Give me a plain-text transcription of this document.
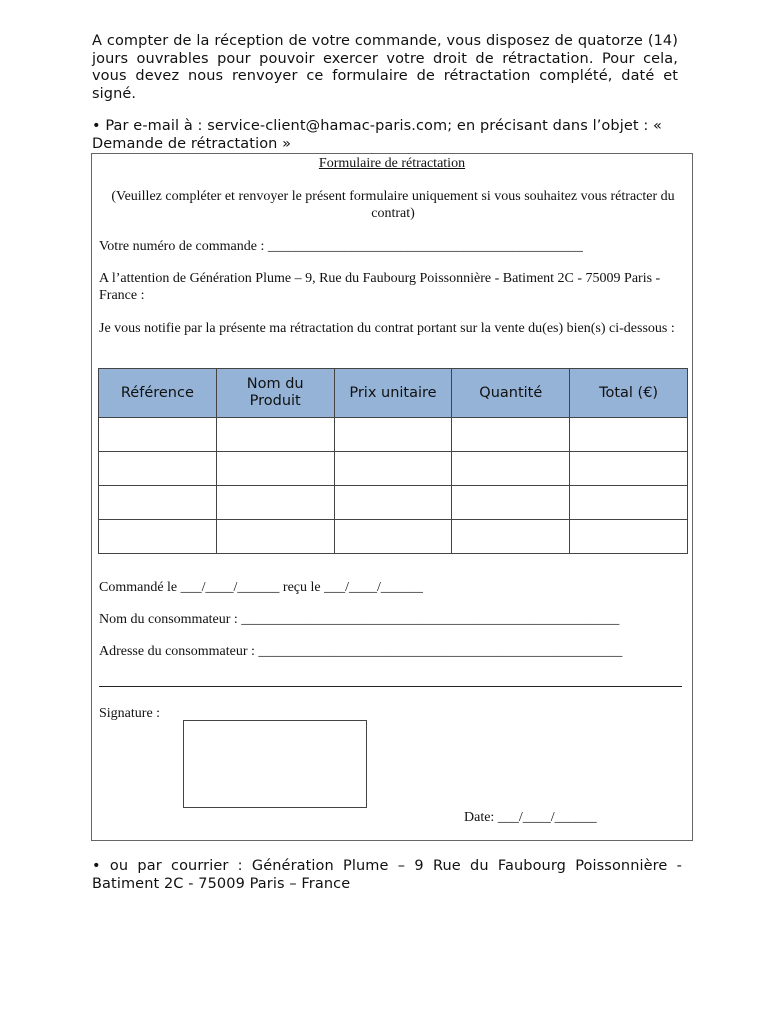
A compter de la réception de votre commande, vous disposez de quatorze (14) jours ouvrables pour pouvoir exercer votre droit de rétractation. Pour cela, vous devez nous renvoyer ce formulaire de rétractation complété, daté et signé.
• Par e-mail à : service-client@hamac-paris.com; en précisant dans l’objet : « Demande de rétractation »
Formulaire de rétractation
(Veuillez compléter et renvoyer le présent formulaire uniquement si vous souhaitez vous rétracter du contrat)
Votre numéro de commande : _____________________________________________
A l’attention de Génération Plume – 9, Rue du Faubourg Poissonnière - Batiment 2C - 75009 Paris - France :
Je vous notifie par la présente ma rétractation du contrat portant sur la vente du(es) bien(s) ci-dessous :
Référence	Nom du Produit	Prix unitaire	Quantité	Total (€)

Commandé le ___/____/______ reçu le ___/____/______
Nom du consommateur : ______________________________________________________
Adresse du consommateur : ____________________________________________________
Signature :
Date: ___/____/______
• ou par courrier : Génération Plume – 9 Rue du Faubourg Poissonnière - Batiment 2C - 75009 Paris – France
